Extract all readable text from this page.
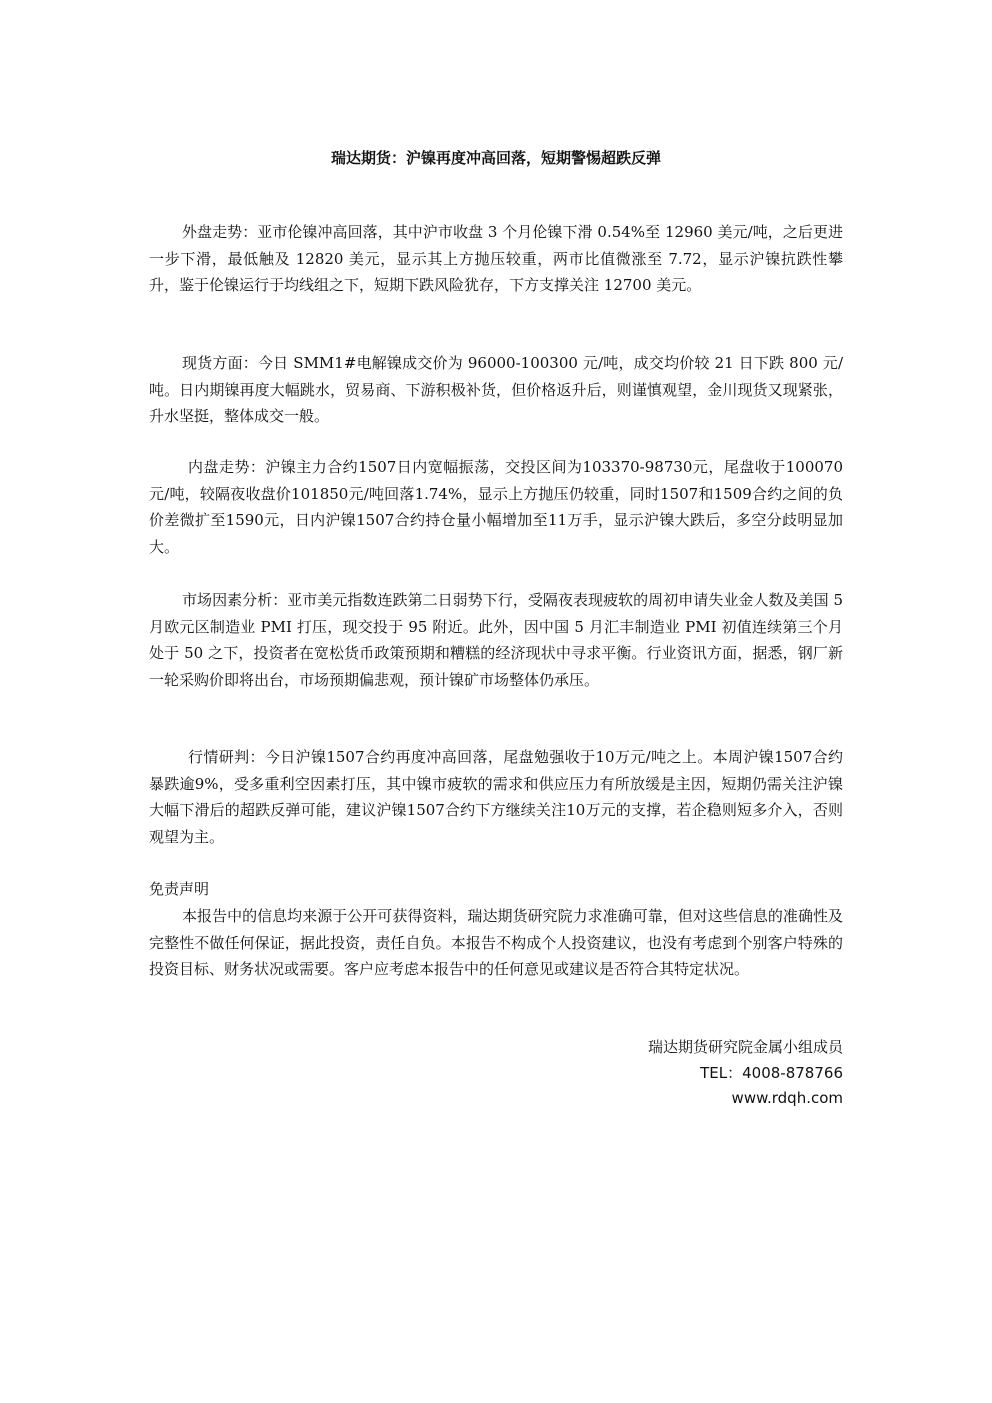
瑞达期货：沪镍再度冲高回落，短期警惕超跌反弹

外盘走势：亚市伦镍冲高回落，其中沪市收盘 3 个月伦镍下滑 0.54%至 12960 美元/吨，之后更进一步下滑，最低触及 12820 美元，显示其上方抛压较重，两市比值微涨至 7.72，显示沪镍抗跌性攀升，鉴于伦镍运行于均线组之下，短期下跌风险犹存，下方支撑关注 12700 美元。

现货方面：今日 SMM1#电解镍成交价为 96000-100300 元/吨，成交均价较 21 日下跌 800 元/吨。日内期镍再度大幅跳水，贸易商、下游积极补货，但价格返升后，则谨慎观望，金川现货又现紧张，升水坚挺，整体成交一般。

内盘走势：沪镍主力合约1507日内宽幅振荡，交投区间为103370-98730元，尾盘收于100070元/吨，较隔夜收盘价101850元/吨回落1.74%，显示上方抛压仍较重，同时1507和1509合约之间的负价差微扩至1590元，日内沪镍1507合约持仓量小幅增加至11万手，显示沪镍大跌后，多空分歧明显加大。

市场因素分析：亚市美元指数连跌第二日弱势下行，受隔夜表现疲软的周初申请失业金人数及美国 5 月欧元区制造业 PMI 打压，现交投于 95 附近。此外，因中国 5 月汇丰制造业 PMI 初值连续第三个月处于 50 之下，投资者在宽松货币政策预期和糟糕的经济现状中寻求平衡。行业资讯方面，据悉，钢厂新一轮采购价即将出台，市场预期偏悲观，预计镍矿市场整体仍承压。

行情研判：今日沪镍1507合约再度冲高回落，尾盘勉强收于10万元/吨之上。本周沪镍1507合约暴跌逾9%，受多重利空因素打压，其中镍市疲软的需求和供应压力有所放缓是主因，短期仍需关注沪镍大幅下滑后的超跌反弹可能，建议沪镍1507合约下方继续关注10万元的支撑，若企稳则短多介入，否则观望为主。

免责声明

本报告中的信息均来源于公开可获得资料，瑞达期货研究院力求准确可靠，但对这些信息的准确性及完整性不做任何保证，据此投资，责任自负。本报告不构成个人投资建议，也没有考虑到个别客户特殊的投资目标、财务状况或需要。客户应考虑本报告中的任何意见或建议是否符合其特定状况。

瑞达期货研究院金属小组成员

TEL：4008-878766

www.rdqh.com
